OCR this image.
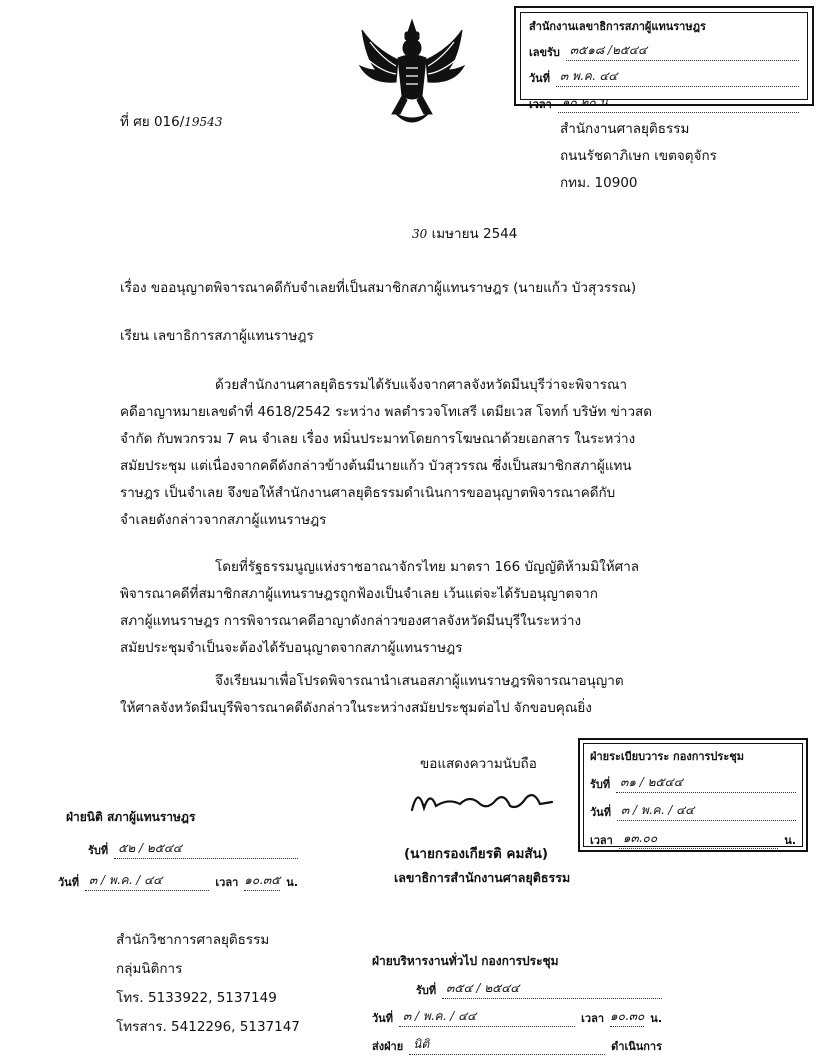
สำนักงานเลขาธิการสภาผู้แทนราษฎร
เลขรับ ๓๕๑๘ /๒๕๔๔
วันที่ ๓ พ.ค. ๔๔
เวลา ๑๐.๒๐ น.
ที่ ศย 016/19543	สำนักงานศาลยุติธรรม
ถนนรัชดาภิเษก เขตจตุจักร
กทม. 10900
30 เมษายน 2544
เรื่อง ขออนุญาตพิจารณาคดีกับจำเลยที่เป็นสมาชิกสภาผู้แทนราษฎร (นายแก้ว บัวสุวรรณ)
เรียน เลขาธิการสภาผู้แทนราษฎร
ด้วยสำนักงานศาลยุติธรรมได้รับแจ้งจากศาลจังหวัดมีนบุรีว่าจะพิจารณา
คดีอาญาหมายเลขดำที่ 4618/2542 ระหว่าง พลตำรวจโทเสรี เตมียเวส โจทก์ บริษัท ข่าวสด
จำกัด กับพวกรวม 7 คน จำเลย เรื่อง หมิ่นประมาทโดยการโฆษณาด้วยเอกสาร ในระหว่าง
สมัยประชุม แต่เนื่องจากคดีดังกล่าวข้างต้นมีนายแก้ว บัวสุวรรณ ซึ่งเป็นสมาชิกสภาผู้แทน
ราษฎร เป็นจำเลย จึงขอให้สำนักงานศาลยุติธรรมดำเนินการขออนุญาตพิจารณาคดีกับ
จำเลยดังกล่าวจากสภาผู้แทนราษฎร
โดยที่รัฐธรรมนูญแห่งราชอาณาจักรไทย มาตรา 166 บัญญัติห้ามมิให้ศาล
พิจารณาคดีที่สมาชิกสภาผู้แทนราษฎรถูกฟ้องเป็นจำเลย เว้นแต่จะได้รับอนุญาตจาก
สภาผู้แทนราษฎร การพิจารณาคดีอาญาดังกล่าวของศาลจังหวัดมีนบุรีในระหว่าง
สมัยประชุมจำเป็นจะต้องได้รับอนุญาตจากสภาผู้แทนราษฎร
จึงเรียนมาเพื่อโปรดพิจารณานำเสนอสภาผู้แทนราษฎรพิจารณาอนุญาต
ให้ศาลจังหวัดมีนบุรีพิจารณาคดีดังกล่าวในระหว่างสมัยประชุมต่อไป จักขอบคุณยิ่ง
ขอแสดงความนับถือ
(นายกรองเกียรติ คมสัน)
เลขาธิการสำนักงานศาลยุติธรรม
ฝ่ายระเบียบวาระ กองการประชุม
รับที่ ๓๑ / ๒๕๔๔
วันที่ ๓ / พ.ค. / ๔๔
เวลา ๑๓.๐๐	น.
ฝ่ายนิติ สภาผู้แทนราษฎร
รับที่ ๕๒ / ๒๕๔๔
วันที่ ๓ / พ.ค. / ๔๔	เวลา ๑๐.๓๕ น.
สำนักวิชาการศาลยุติธรรม
กลุ่มนิติการ
โทร. 5133922, 5137149
โทรสาร. 5412296, 5137147
ฝ่ายบริหารงานทั่วไป กองการประชุม
รับที่ ๓๕๔ / ๒๕๔๔
วันที่ ๓ / พ.ค. / ๔๔	เวลา ๑๐.๓๐ น.
ส่งฝ่าย นิติ	ดำเนินการ
